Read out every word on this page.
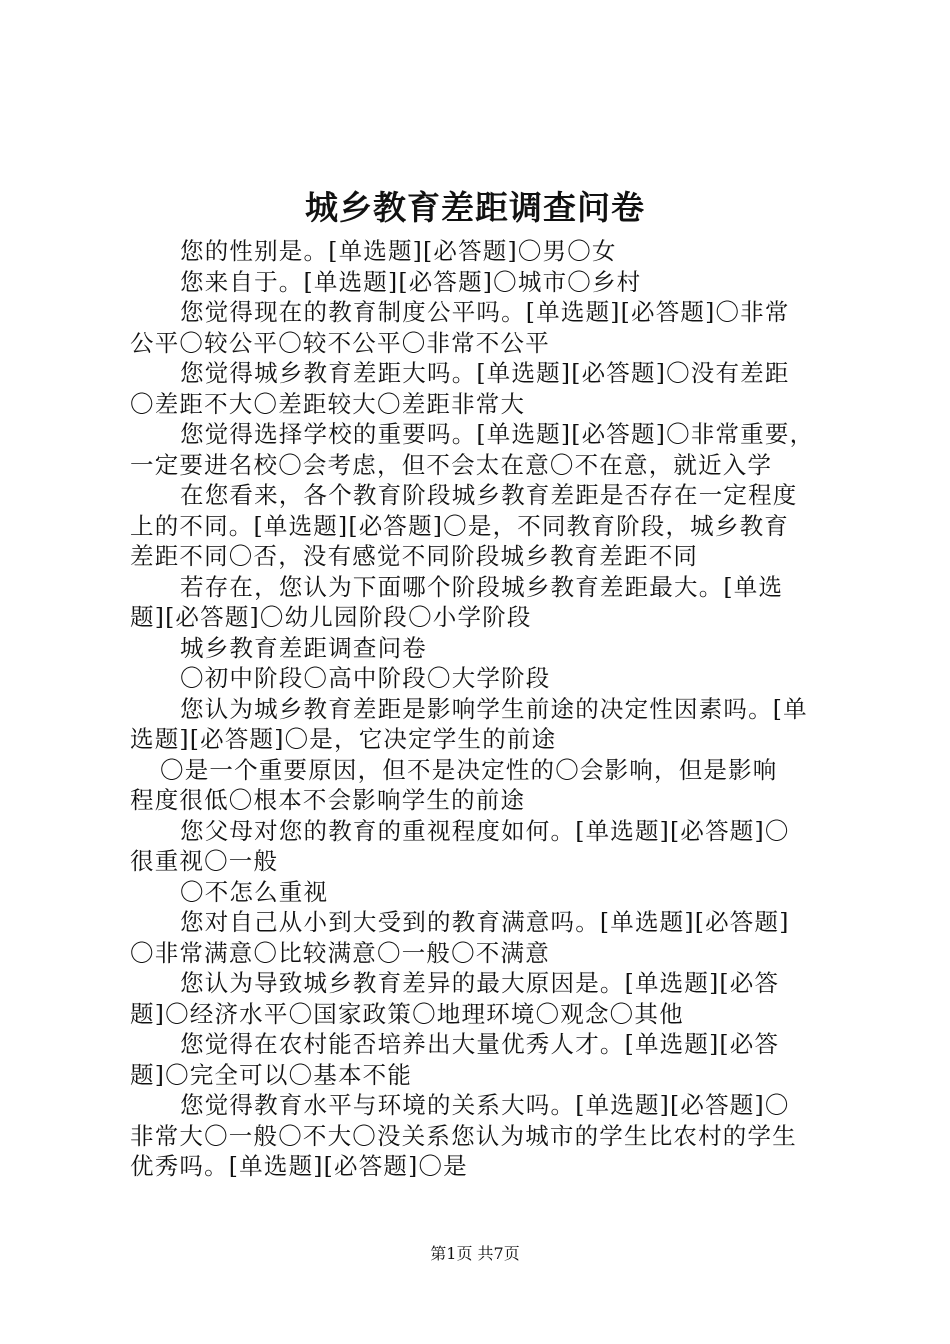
城乡教育差距调查问卷
您的性别是。[单选题][必答题]〇男〇女
您来自于。[单选题][必答题]〇城市〇乡村
您觉得现在的教育制度公平吗。[单选题][必答题]〇非常
公平〇较公平〇较不公平〇非常不公平
您觉得城乡教育差距大吗。[单选题][必答题]〇没有差距
〇差距不大〇差距较大〇差距非常大
您觉得选择学校的重要吗。[单选题][必答题]〇非常重要，
一定要进名校〇会考虑，但不会太在意〇不在意，就近入学
在您看来，各个教育阶段城乡教育差距是否存在一定程度
上的不同。[单选题][必答题]〇是，不同教育阶段，城乡教育
差距不同〇否，没有感觉不同阶段城乡教育差距不同
若存在，您认为下面哪个阶段城乡教育差距最大。[单选
题][必答题]〇幼儿园阶段〇小学阶段
城乡教育差距调查问卷
〇初中阶段〇高中阶段〇大学阶段
您认为城乡教育差距是影响学生前途的决定性因素吗。[单
选题][必答题]〇是，它决定学生的前途
〇是一个重要原因，但不是决定性的〇会影响，但是影响
程度很低〇根本不会影响学生的前途
您父母对您的教育的重视程度如何。[单选题][必答题]〇
很重视〇一般
〇不怎么重视
您对自己从小到大受到的教育满意吗。[单选题][必答题]
〇非常满意〇比较满意〇一般〇不满意
您认为导致城乡教育差异的最大原因是。[单选题][必答
题]〇经济水平〇国家政策〇地理环境〇观念〇其他
您觉得在农村能否培养出大量优秀人才。[单选题][必答
题]〇完全可以〇基本不能
您觉得教育水平与环境的关系大吗。[单选题][必答题]〇
非常大〇一般〇不大〇没关系您认为城市的学生比农村的学生
优秀吗。[单选题][必答题]〇是
第1页 共7页
